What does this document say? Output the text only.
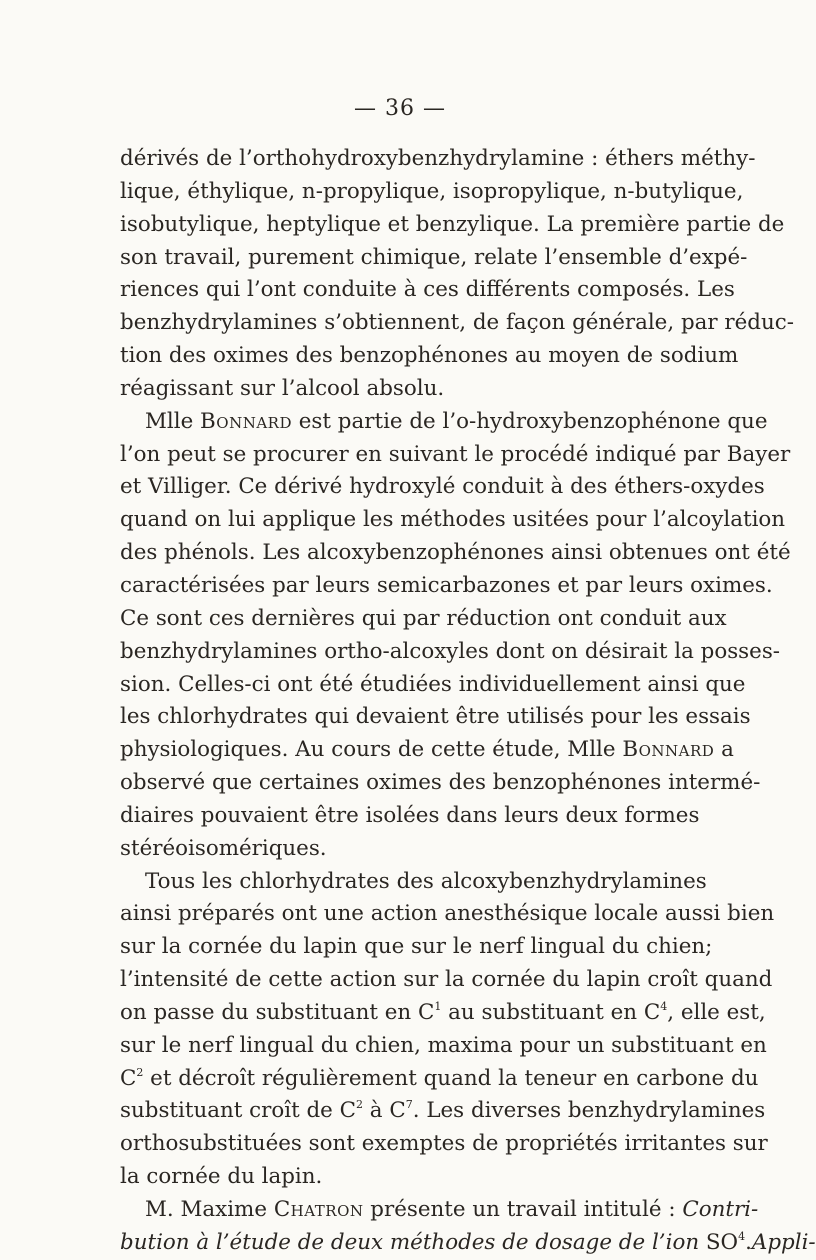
— 36 —
dérivés de l’orthohydroxybenzhydrylamine : éthers méthy-
lique, éthylique, n-propylique, isopropylique, n-butylique,
isobutylique, heptylique et benzylique. La première partie de
son travail, purement chimique, relate l’ensemble d’expé-
riences qui l’ont conduite à ces différents composés. Les
benzhydrylamines s’obtiennent, de façon générale, par réduc-
tion des oximes des benzophénones au moyen de sodium
réagissant sur l’alcool absolu.
Mlle Bonnard est partie de l’o-hydroxybenzophénone que
l’on peut se procurer en suivant le procédé indiqué par Bayer
et Villiger. Ce dérivé hydroxylé conduit à des éthers-oxydes
quand on lui applique les méthodes usitées pour l’alcoylation
des phénols. Les alcoxybenzophénones ainsi obtenues ont été
caractérisées par leurs semicarbazones et par leurs oximes.
Ce sont ces dernières qui par réduction ont conduit aux
benzhydrylamines ortho-alcoxyles dont on désirait la posses-
sion. Celles-ci ont été étudiées individuellement ainsi que
les chlorhydrates qui devaient être utilisés pour les essais
physiologiques. Au cours de cette étude, Mlle Bonnard a
observé que certaines oximes des benzophénones intermé-
diaires pouvaient être isolées dans leurs deux formes
stéréoisomériques.
Tous les chlorhydrates des alcoxybenzhydrylamines
ainsi préparés ont une action anesthésique locale aussi bien
sur la cornée du lapin que sur le nerf lingual du chien;
l’intensité de cette action sur la cornée du lapin croît quand
on passe du substituant en $C^1$ au substituant en $C^4$, elle est,
sur le nerf lingual du chien, maxima pour un substituant en
$C^2$ et décroît régulièrement quand la teneur en carbone du
substituant croît de $C^2$ à $C^7$. Les diverses benzhydrylamines
orthosubstituées sont exemptes de propriétés irritantes sur
la cornée du lapin.
M. Maxime Chatron présente un travail intitulé : Contri-
bution à l’étude de deux méthodes de dosage de l’ion $SO^4.Appli-$
